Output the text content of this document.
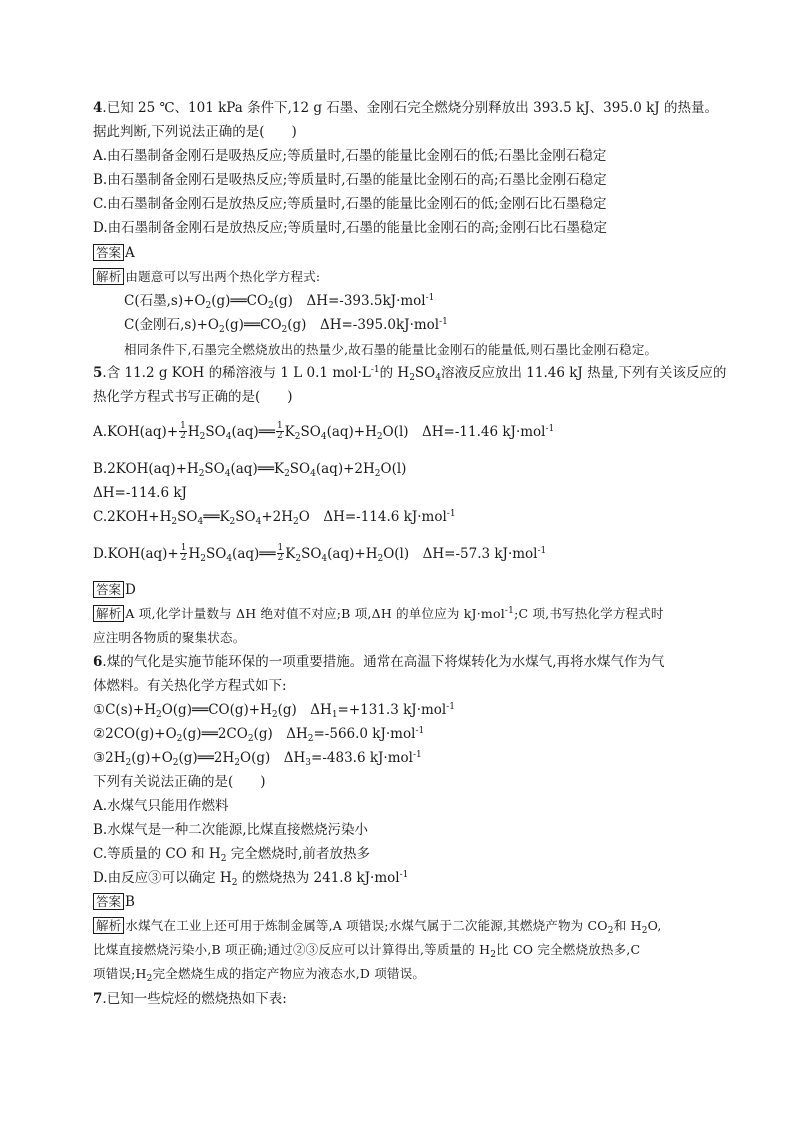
4.已知 25 ℃、101 kPa 条件下,12 g 石墨、金刚石完全燃烧分别释放出 393.5 kJ、395.0 kJ 的热量。
据此判断,下列说法正确的是(　　)
A.由石墨制备金刚石是吸热反应;等质量时,石墨的能量比金刚石的低;石墨比金刚石稳定
B.由石墨制备金刚石是吸热反应;等质量时,石墨的能量比金刚石的高;石墨比金刚石稳定
C.由石墨制备金刚石是放热反应;等质量时,石墨的能量比金刚石的低;金刚石比石墨稳定
D.由石墨制备金刚石是放热反应;等质量时,石墨的能量比金刚石的高;金刚石比石墨稳定
答案 A
解析 由题意可以写出两个热化学方程式:
C(石墨$,s)+O_2(g)══CO_2(g)$　ΔH=-393.5kJ·mol$^{-1}$
C(金刚石$,s)+O_2(g)══CO_2(g)$　ΔH=-395.0kJ·mol$^{-1}$
相同条件下,石墨完全燃烧放出的热量少,故石墨的能量比金刚石的能量低,则石墨比金刚石稳定。
5.含 11.2 g KOH 的稀溶液与 1 L 0.1 $mol\cdot L^{-1}$的 $H_2SO_4$溶液反应放出 11.46 kJ 热量,下列有关该反应的
热化学方程式书写正确的是(　　)
$A.KOH(aq)+ \frac{1}{2}$ $H_2SO_4(aq)══ \frac{1}{2} K_2SO_4(aq)+H_2O(l)$　ΔH=-11.46 kJ·mol$^{-1}$
$B.2KOH(aq)+H_2SO_4(aq)══K_2SO_4(aq)+2H_2O(l)$
ΔH=-114.6 kJ
$C.2KOH+H_2SO_4══K_2SO_4+2H_2O$　ΔH=-114.6 kJ·mol$^{-1}$
$D.KOH(aq)+ \frac{1}{2}$ $H_2SO_4(aq)══ \frac{1}{2} K_2SO_4(aq)+H_2O(l)$　ΔH=-57.3 kJ·mol$^{-1}$
答案 D
解析 A 项,化学计量数与 ΔH 绝对值不对应;B 项,ΔH 的单位应为 kJ·mol$^{-1}$;C 项,书写热化学方程式时
应注明各物质的聚集状态。
6.煤的气化是实施节能环保的一项重要措施。通常在高温下将煤转化为水煤气,再将水煤气作为气
体燃料。有关热化学方程式如下:
$①C(s)+H_2O(g)══CO(g)+H_2(g)$　$\Delta H_1=+131.3$ kJ·mol$^{-1}$
$②2CO(g)+O_2(g)══2CO_2(g)$　$\Delta H_2=-566.0$ kJ·mol$^{-1}$
$③2H_2(g)+O_2(g)══2H_2O(g)$　$\Delta H_3=-483.6$ kJ·mol$^{-1}$
下列有关说法正确的是(　　)
A.水煤气只能用作燃料
B.水煤气是一种二次能源,比煤直接燃烧污染小
C.等质量的 CO 和 $H_2$ 完全燃烧时,前者放热多
D.由反应③可以确定 $H_2$ 的燃烧热为 241.8 kJ·mol$^{-1}$
答案 B
解析 水煤气在工业上还可用于炼制金属等,A 项错误;水煤气属于二次能源,其燃烧产物为 $CO_2$和 $H_2O$,
比煤直接燃烧污染小,B 项正确;通过②③反应可以计算得出,等质量的 $H_2$比 CO 完全燃烧放热多,C
项错误$;H_2$完全燃烧生成的指定产物应为液态水,D 项错误。
7.已知一些烷烃的燃烧热如下表:
